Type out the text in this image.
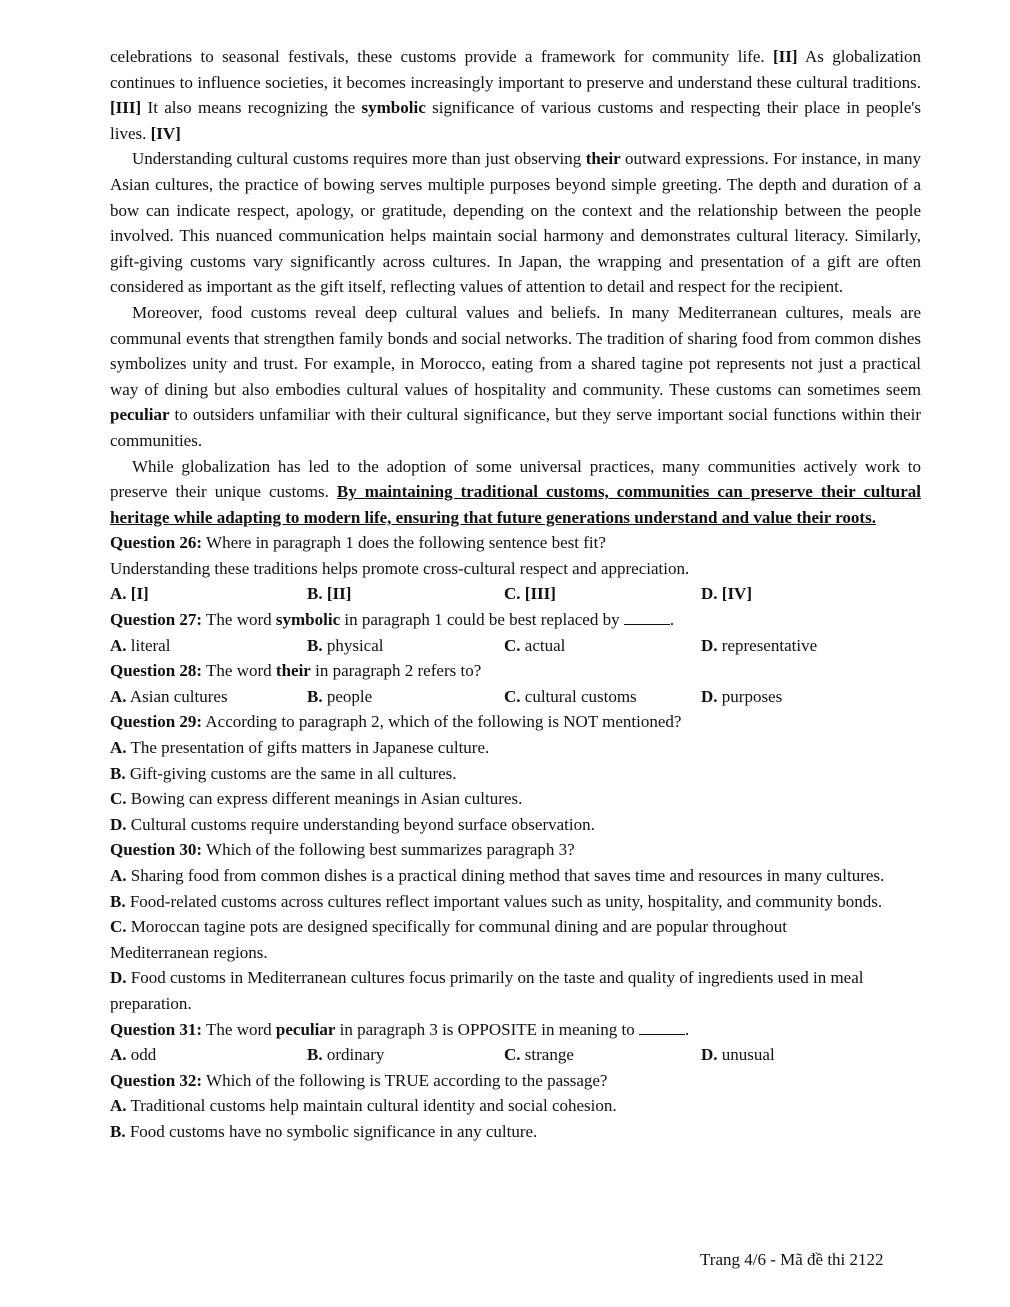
celebrations to seasonal festivals, these customs provide a framework for community life. [II] As globalization continues to influence societies, it becomes increasingly important to preserve and understand these cultural traditions. [III] It also means recognizing the symbolic significance of various customs and respecting their place in people's lives. [IV]

Understanding cultural customs requires more than just observing their outward expressions. For instance, in many Asian cultures, the practice of bowing serves multiple purposes beyond simple greeting. The depth and duration of a bow can indicate respect, apology, or gratitude, depending on the context and the relationship between the people involved. This nuanced communication helps maintain social harmony and demonstrates cultural literacy. Similarly, gift-giving customs vary significantly across cultures. In Japan, the wrapping and presentation of a gift are often considered as important as the gift itself, reflecting values of attention to detail and respect for the recipient.

Moreover, food customs reveal deep cultural values and beliefs. In many Mediterranean cultures, meals are communal events that strengthen family bonds and social networks. The tradition of sharing food from common dishes symbolizes unity and trust. For example, in Morocco, eating from a shared tagine pot represents not just a practical way of dining but also embodies cultural values of hospitality and community. These customs can sometimes seem peculiar to outsiders unfamiliar with their cultural significance, but they serve important social functions within their communities.

While globalization has led to the adoption of some universal practices, many communities actively work to preserve their unique customs. By maintaining traditional customs, communities can preserve their cultural heritage while adapting to modern life, ensuring that future generations understand and value their roots.

Question 26: Where in paragraph 1 does the following sentence best fit?

Understanding these traditions helps promote cross-cultural respect and appreciation.

A. [I]	B. [II]	C. [III]	D. [IV]

Question 27: The word symbolic in paragraph 1 could be best replaced by	.

A. literal	B. physical	C. actual	D. representative

Question 28: The word their in paragraph 2 refers to?

A. Asian cultures	B. people	C. cultural customs	D. purposes

Question 29: According to paragraph 2, which of the following is NOT mentioned?

A. The presentation of gifts matters in Japanese culture.

B. Gift-giving customs are the same in all cultures.

C. Bowing can express different meanings in Asian cultures.

D. Cultural customs require understanding beyond surface observation.

Question 30: Which of the following best summarizes paragraph 3?

A. Sharing food from common dishes is a practical dining method that saves time and resources in many cultures.

B. Food-related customs across cultures reflect important values such as unity, hospitality, and community bonds.

C. Moroccan tagine pots are designed specifically for communal dining and are popular throughout Mediterranean regions.

D. Food customs in Mediterranean cultures focus primarily on the taste and quality of ingredients used in meal preparation.

Question 31: The word peculiar in paragraph 3 is OPPOSITE in meaning to	.

A. odd	B. ordinary	C. strange	D. unusual

Question 32: Which of the following is TRUE according to the passage?

A. Traditional customs help maintain cultural identity and social cohesion.

B. Food customs have no symbolic significance in any culture.

Trang 4/6 - Mã đề thi 2122
